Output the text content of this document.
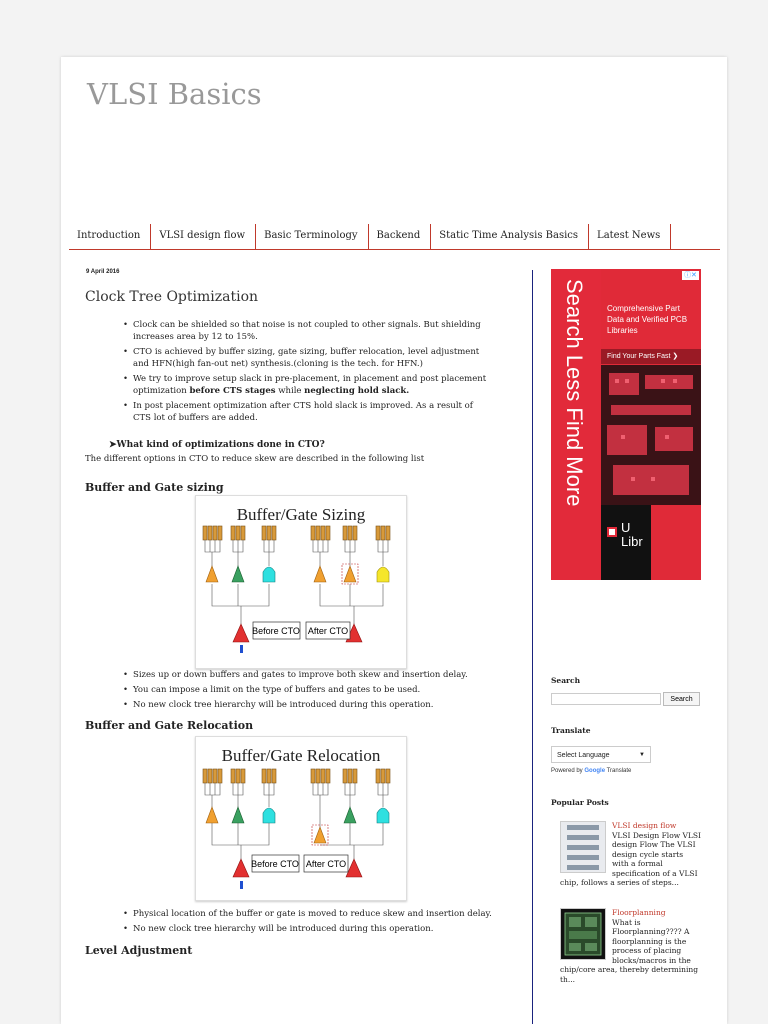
VLSI Basics
Introduction	VLSI design flow	Basic Terminology	Backend	Static Time Analysis Basics	Latest News
9 April 2016
Clock Tree Optimization
• Clock can be shielded so that noise is not coupled to other signals. But shielding increases area by 12 to 15%.
• CTO is achieved by buffer sizing, gate sizing, buffer relocation, level adjustment and HFN(high fan-out net) synthesis.(cloning is the tech. for HFN.)
• We try to improve setup slack in pre-placement, in placement and post placement optimization before CTS stages while neglecting hold slack.
• In post placement optimization after CTS hold slack is improved. As a result of CTS lot of buffers are added.
➤What kind of optimizations done in CTO?
The different options in CTO to reduce skew are described in the following list
Buffer and Gate sizing
Buffer/Gate Sizing
Before CTO After CTO
• Sizes up or down buffers and gates to improve both skew and insertion delay.
• You can impose a limit on the type of buffers and gates to be used.
• No new clock tree hierarchy will be introduced during this operation.
Buffer and Gate Relocation
Buffer/Gate Relocation
Before CTO After CTO
• Physical location of the buffer or gate is moved to reduce skew and insertion delay.
• No new clock tree hierarchy will be introduced during this operation.
Level Adjustment
Search Less Find More
ⓘ✕
Comprehensive Part Data and Verified PCB Libraries
Find Your Parts Fast ❯
U Libr
Search
Search
Translate
Select Language	▼
Powered by Google Translate
Popular Posts
VLSI design flow
VLSI Design Flow VLSI design Flow The VLSI design cycle starts with a formal specification of a VLSI chip, follows a series of steps...
Floorplanning
What is Floorplanning???? A floorplanning is the process of placing blocks/macros in the chip/core area, thereby determining th...
